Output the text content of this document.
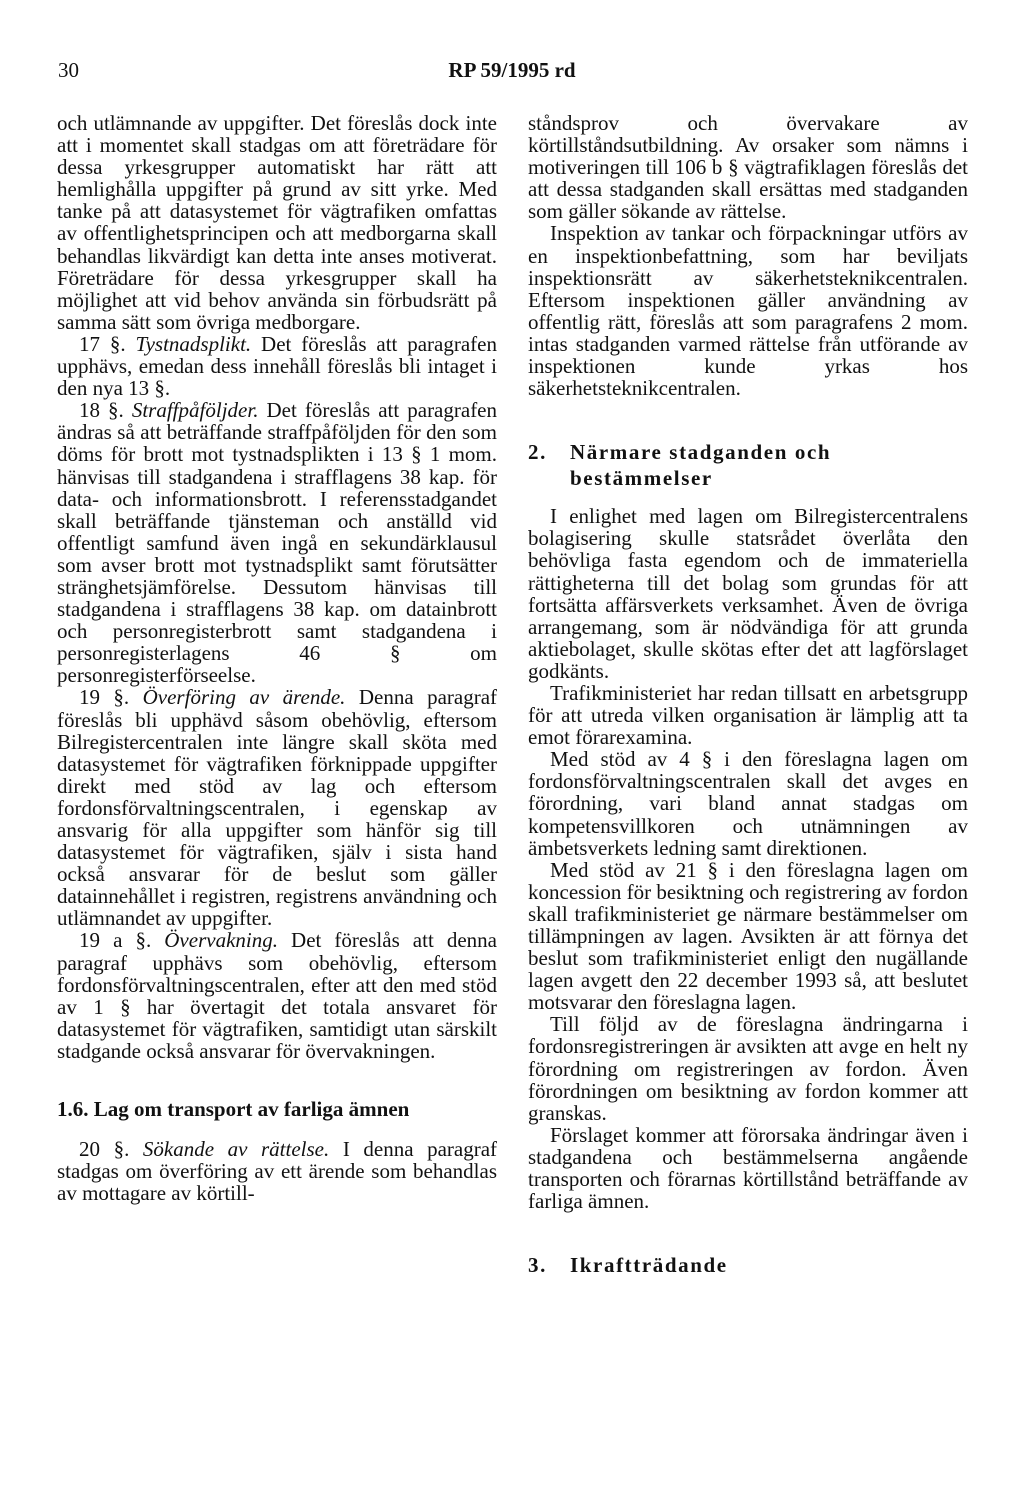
30	RP 59/1995 rd

och utlämnande av uppgifter. Det föreslås dock inte att i momentet skall stadgas om att företrädare för dessa yrkesgrupper automatiskt har rätt att hemlighålla uppgifter på grund av sitt yrke. Med tanke på att datasystemet för vägtrafiken omfattas av offentlighetsprincipen och att medborgarna skall behandlas likvärdigt kan detta inte anses motiverat. Företrädare för dessa yrkesgrupper skall ha möjlighet att vid behov använda sin förbudsrätt på samma sätt som övriga medborgare.

17 §. Tystnadsplikt. Det föreslås att paragrafen upphävs, emedan dess innehåll föreslås bli intaget i den nya 13 §.

18 §. Straffpåföljder. Det föreslås att paragrafen ändras så att beträffande straffpåföljden för den som döms för brott mot tystnadsplikten i 13 § 1 mom. hänvisas till stadgandena i strafflagens 38 kap. för data- och informationsbrott. I referensstadgandet skall beträffande tjänsteman och anställd vid offentligt samfund även ingå en sekundärklausul som avser brott mot tystnadsplikt samt förutsätter stränghetsjämförelse. Dessutom hänvisas till stadgandena i strafflagens 38 kap. om datainbrott och personregisterbrott samt stadgandena i personregisterlagens 46 § om personregisterförseelse.

19 §. Överföring av ärende. Denna paragraf föreslås bli upphävd såsom obehövlig, eftersom Bilregistercentralen inte längre skall sköta med datasystemet för vägtrafiken förknippade uppgifter direkt med stöd av lag och eftersom fordonsförvaltningscentralen, i egenskap av ansvarig för alla uppgifter som hänför sig till datasystemet för vägtrafiken, själv i sista hand också ansvarar för de beslut som gäller datainnehållet i registren, registrens användning och utlämnandet av uppgifter.

19 a §. Övervakning. Det föreslås att denna paragraf upphävs som obehövlig, eftersom fordonsförvaltningscentralen, efter att den med stöd av 1 § har övertagit det totala ansvaret för datasystemet för vägtrafiken, samtidigt utan särskilt stadgande också ansvarar för övervakningen.

1.6. Lag om transport av farliga ämnen

20 §. Sökande av rättelse. I denna paragraf stadgas om överföring av ett ärende som behandlas av mottagare av körtill-

ståndsprov och övervakare av körtillståndsutbildning. Av orsaker som nämns i motiveringen till 106 b § vägtrafiklagen föreslås det att dessa stadganden skall ersättas med stadganden som gäller sökande av rättelse.

Inspektion av tankar och förpackningar utförs av en inspektionbefattning, som har beviljats inspektionsrätt av säkerhetsteknikcentralen. Eftersom inspektionen gäller användning av offentlig rätt, föreslås att som paragrafens 2 mom. intas stadganden varmed rättelse från utförande av inspektionen kunde yrkas hos säkerhetsteknikcentralen.

2.	Närmare stadganden och bestämmelser

I enlighet med lagen om Bilregistercentralens bolagisering skulle statsrådet överlåta den behövliga fasta egendom och de immateriella rättigheterna till det bolag som grundas för att fortsätta affärsverkets verksamhet. Även de övriga arrangemang, som är nödvändiga för att grunda aktiebolaget, skulle skötas efter det att lagförslaget godkänts.

Trafikministeriet har redan tillsatt en arbetsgrupp för att utreda vilken organisation är lämplig att ta emot förarexamina.

Med stöd av 4 § i den föreslagna lagen om fordonsförvaltningscentralen skall det avges en förordning, vari bland annat stadgas om kompetensvillkoren och utnämningen av ämbetsverkets ledning samt direktionen.

Med stöd av 21 § i den föreslagna lagen om koncession för besiktning och registrering av fordon skall trafikministeriet ge närmare bestämmelser om tillämpningen av lagen. Avsikten är att förnya det beslut som trafikministeriet enligt den nugällande lagen avgett den 22 december 1993 så, att beslutet motsvarar den föreslagna lagen.

Till följd av de föreslagna ändringarna i fordonsregistreringen är avsikten att avge en helt ny förordning om registreringen av fordon. Även förordningen om besiktning av fordon kommer att granskas.

Förslaget kommer att förorsaka ändringar även i stadgandena och bestämmelserna angående transporten och förarnas körtillstånd beträffande av farliga ämnen.

3.	Ikraftträdande
